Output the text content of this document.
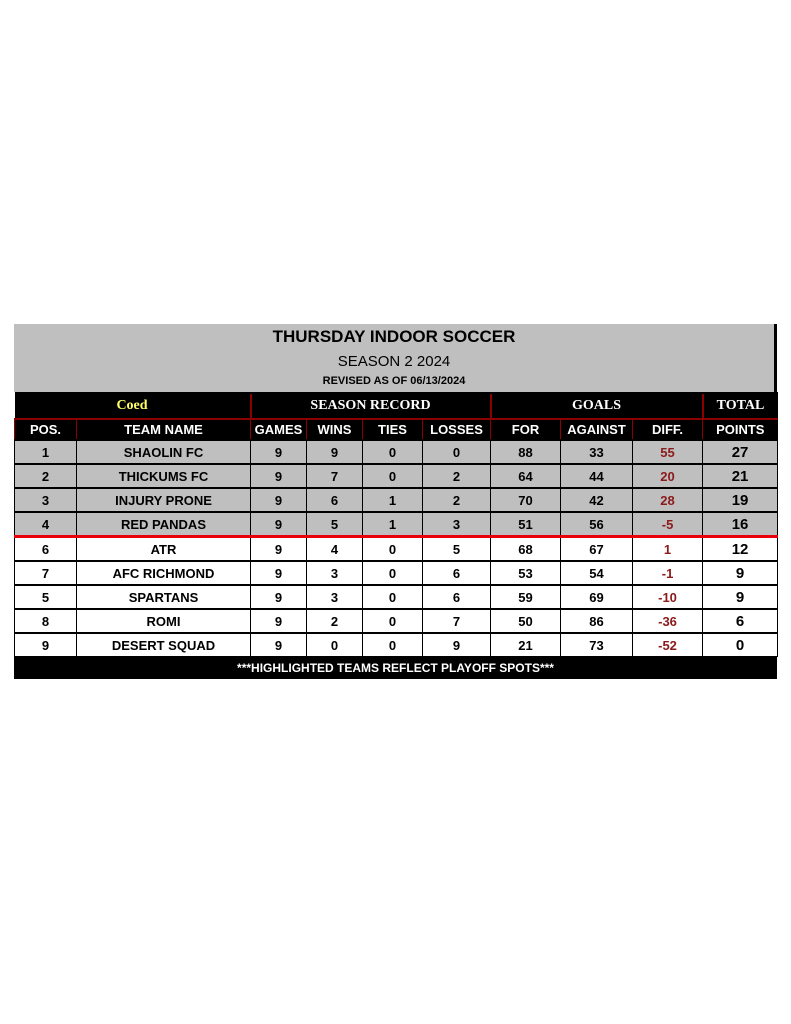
THURSDAY INDOOR SOCCER
SEASON 2 2024
REVISED AS OF 06/13/2024
Coed		SEASON RECORD				GOALS			TOTAL
POS.	TEAM NAME	GAMES	WINS	TIES	LOSSES	FOR	AGAINST	DIFF.	POINTS
1	SHAOLIN FC	9	9	0	0	88	33	55	27
2	THICKUMS FC	9	7	0	2	64	44	20	21
3	INJURY PRONE	9	6	1	2	70	42	28	19
4	RED PANDAS	9	5	1	3	51	56	-5	16
6	ATR	9	4	0	5	68	67	1	12
7	AFC RICHMOND	9	3	0	6	53	54	-1	9
5	SPARTANS	9	3	0	6	59	69	-10	9
8	ROMI	9	2	0	7	50	86	-36	6
9	DESERT SQUAD	9	0	0	9	21	73	-52	0
***HIGHLIGHTED TEAMS REFLECT PLAYOFF SPOTS***
